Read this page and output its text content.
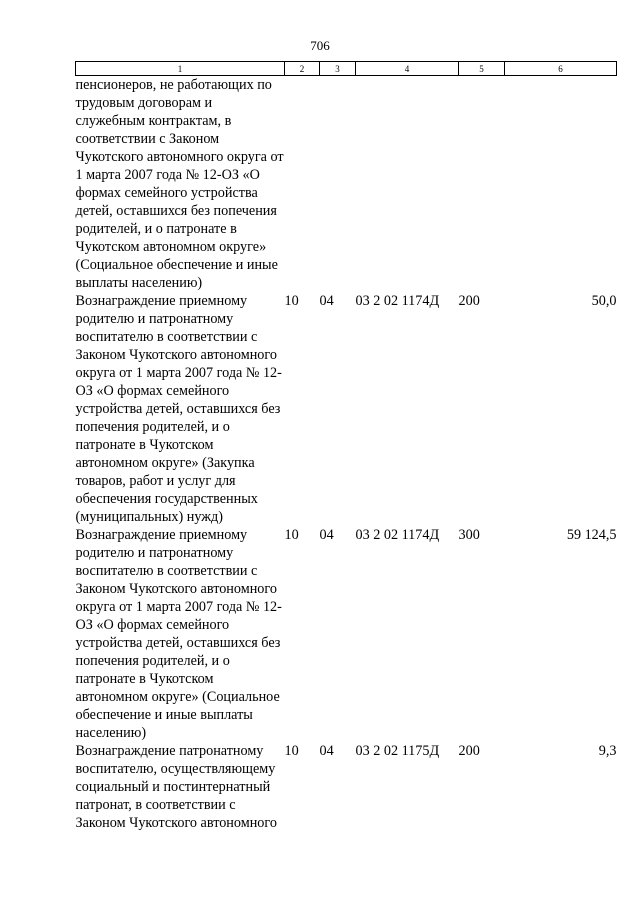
706
1	2	3	4	5	6
пенсионеров, не работающих по трудовым договорам и служебным контрактам, в соответствии с Законом Чукотского автономного округа от 1 марта 2007 года № 12-ОЗ «О формах семейного устройства детей, оставшихся без попечения родителей, и о патронате в Чукотском автономном округе» (Социальное обеспечение и иные выплаты населению)					
Вознаграждение приемному родителю и патронатному воспитателю в соответствии с Законом Чукотского автономного округа от 1 марта 2007 года № 12-ОЗ «О формах семейного устройства детей, оставшихся без попечения родителей, и о патронате в Чукотском автономном округе» (Закупка товаров, работ и услуг для обеспечения государственных (муниципальных) нужд)	10	04	03 2 02 1174Д	200	50,0
Вознаграждение приемному родителю и патронатному воспитателю в соответствии с Законом Чукотского автономного округа от 1 марта 2007 года № 12-ОЗ «О формах семейного устройства детей, оставшихся без попечения родителей, и о патронате в Чукотском автономном округе» (Социальное обеспечение и иные выплаты населению)	10	04	03 2 02 1174Д	300	59 124,5
Вознаграждение патронатному воспитателю, осуществляющему социальный и постинтернатный патронат, в соответствии с Законом Чукотского автономного	10	04	03 2 02 1175Д	200	9,3
